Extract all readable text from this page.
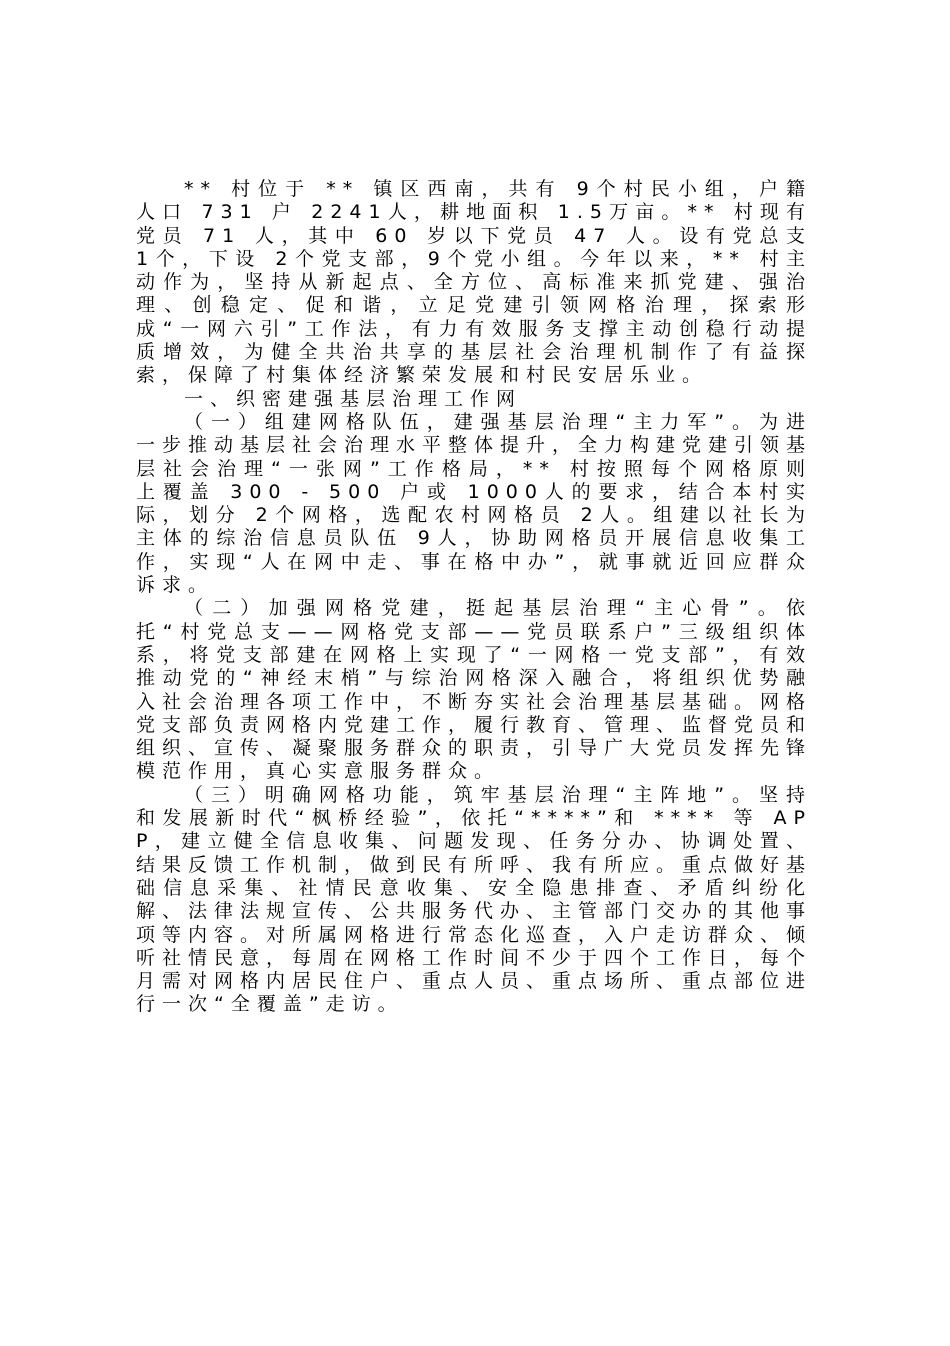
** 村位于 ** 镇区西南，共有 9个村民小组，户籍人口 731 户 2241人，耕地面积 1.5万亩。** 村现有党员 71 人，其中 60 岁以下党员 47 人。设有党总支 1个，下设 2个党支部，9个党小组。今年以来，** 村主动作为，坚持从新起点、全方位、高标准来抓党建、强治理、创稳定、促和谐，立足党建引领网格治理，探索形成“一网六引”工作法，有力有效服务支撑主动创稳行动提质增效，为健全共治共享的基层社会治理机制作了有益探索，保障了村集体经济繁荣发展和村民安居乐业。

一、织密建强基层治理工作网

（一）组建网格队伍，建强基层治理“主力军”。为进一步推动基层社会治理水平整体提升，全力构建党建引领基层社会治理“一张网”工作格局，** 村按照每个网格原则上覆盖 300 - 500 户或 1000人的要求，结合本村实际，划分 2个网格，选配农村网格员 2人。组建以社长为主体的综治信息员队伍 9人，协助网格员开展信息收集工作，实现“人在网中走、事在格中办”，就事就近回应群众诉求。

（二）加强网格党建，挺起基层治理“主心骨”。依托“村党总支——网格党支部——党员联系户”三级组织体系，将党支部建在网格上实现了“一网格一党支部”，有效推动党的“神经末梢”与综治网格深入融合，将组织优势融入社会治理各项工作中，不断夯实社会治理基层基础。网格党支部负责网格内党建工作，履行教育、管理、监督党员和组织、宣传、凝聚服务群众的职责，引导广大党员发挥先锋模范作用，真心实意服务群众。

（三）明确网格功能，筑牢基层治理“主阵地”。坚持和发展新时代“枫桥经验”，依托“****”和 **** 等 APP，建立健全信息收集、问题发现、任务分办、协调处置、结果反馈工作机制，做到民有所呼、我有所应。重点做好基础信息采集、社情民意收集、安全隐患排查、矛盾纠纷化解、法律法规宣传、公共服务代办、主管部门交办的其他事项等内容。对所属网格进行常态化巡查，入户走访群众、倾听社情民意，每周在网格工作时间不少于四个工作日，每个月需对网格内居民住户、重点人员、重点场所、重点部位进行一次“全覆盖”走访。
